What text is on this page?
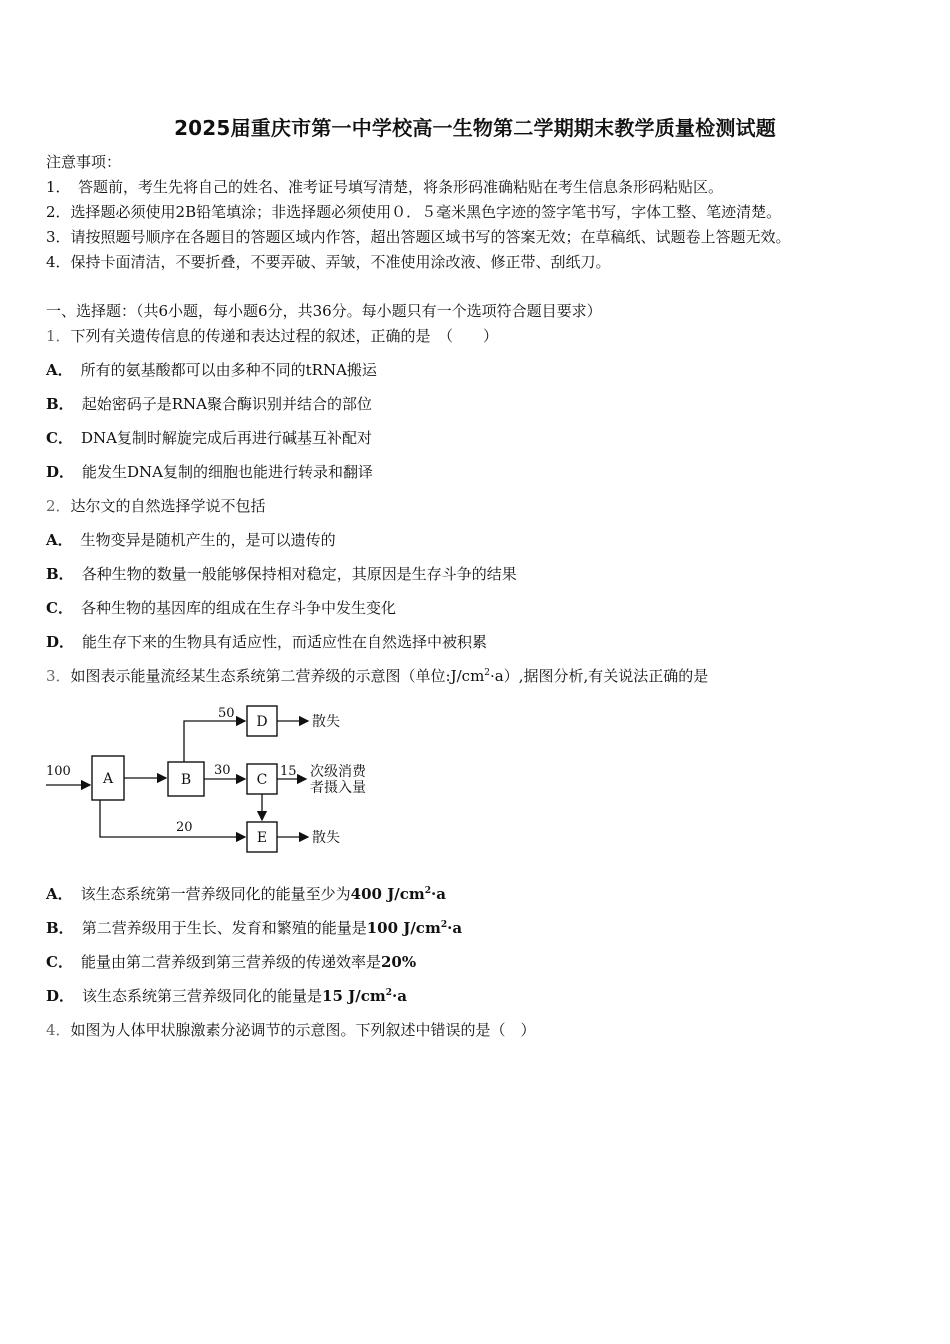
2025届重庆市第一中学校高一生物第二学期期末教学质量检测试题
注意事项：
1．　答题前，考生先将自己的姓名、准考证号填写清楚，将条形码准确粘贴在考生信息条形码粘贴区。
2．选择题必须使用2B铅笔填涂；非选择题必须使用０．５毫米黑色字迹的签字笔书写，字体工整、笔迹清楚。
3．请按照题号顺序在各题目的答题区域内作答，超出答题区域书写的答案无效；在草稿纸、试题卷上答题无效。
4．保持卡面清洁，不要折叠，不要弄破、弄皱，不准使用涂改液、修正带、刮纸刀。
一、选择题：（共6小题，每小题6分，共36分。每小题只有一个选项符合题目要求）
1．下列有关遗传信息的传递和表达过程的叙述，正确的是　（　　）
A． 所有的氨基酸都可以由多种不同的tRNA搬运
B． 起始密码子是RNA聚合酶识别并结合的部位
C． DNA复制时解旋完成后再进行碱基互补配对
D． 能发生DNA复制的细胞也能进行转录和翻译
2．达尔文的自然选择学说不包括
A． 生物变异是随机产生的，是可以遗传的
B． 各种生物的数量一般能够保持相对稳定，其原因是生存斗争的结果
C． 各种生物的基因库的组成在生存斗争中发生变化
D． 能生存下来的生物具有适应性，而适应性在自然选择中被积累
3．如图表示能量流经某生态系统第二营养级的示意图（单位$:J/cm^2\cdot a$）,据图分析,有关说法正确的是
A	B
D
C
E
100
50
30
20
散失
15 次级消费
者摄入量
散失
A． 该生态系统第一营养级同化的能量至少为400 $J/cm^2\cdot a$
B． 第二营养级用于生长、发育和繁殖的能量是100 $J/cm^2\cdot a$
C． 能量由第二营养级到第三营养级的传递效率是20%
D． 该生态系统第三营养级同化的能量是15 $J/cm^2\cdot a$
4．如图为人体甲状腺激素分泌调节的示意图。下列叙述中错误的是（　）
